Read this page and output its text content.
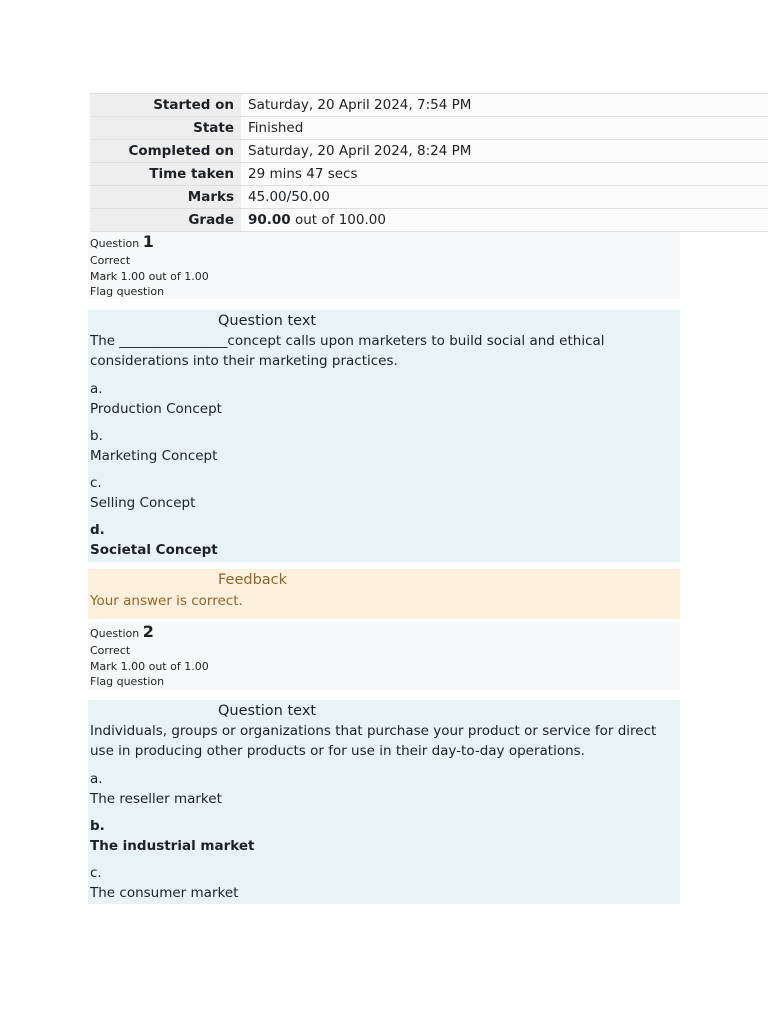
Started on	Saturday, 20 April 2024, 7:54 PM
State	Finished
Completed on	Saturday, 20 April 2024, 8:24 PM
Time taken	29 mins 47 secs
Marks	45.00/50.00
Grade	90.00 out of 100.00
Question 1
Correct
Mark 1.00 out of 1.00
Flag question
Question text
The ________________concept calls upon marketers to build social and ethical considerations into their marketing practices.
a.
Production Concept
b.
Marketing Concept
c.
Selling Concept
d.
Societal Concept
Feedback
Your answer is correct.
Question 2
Correct
Mark 1.00 out of 1.00
Flag question
Question text
Individuals, groups or organizations that purchase your product or service for direct use in producing other products or for use in their day-to-day operations.
a.
The reseller market
b.
The industrial market
c.
The consumer market
